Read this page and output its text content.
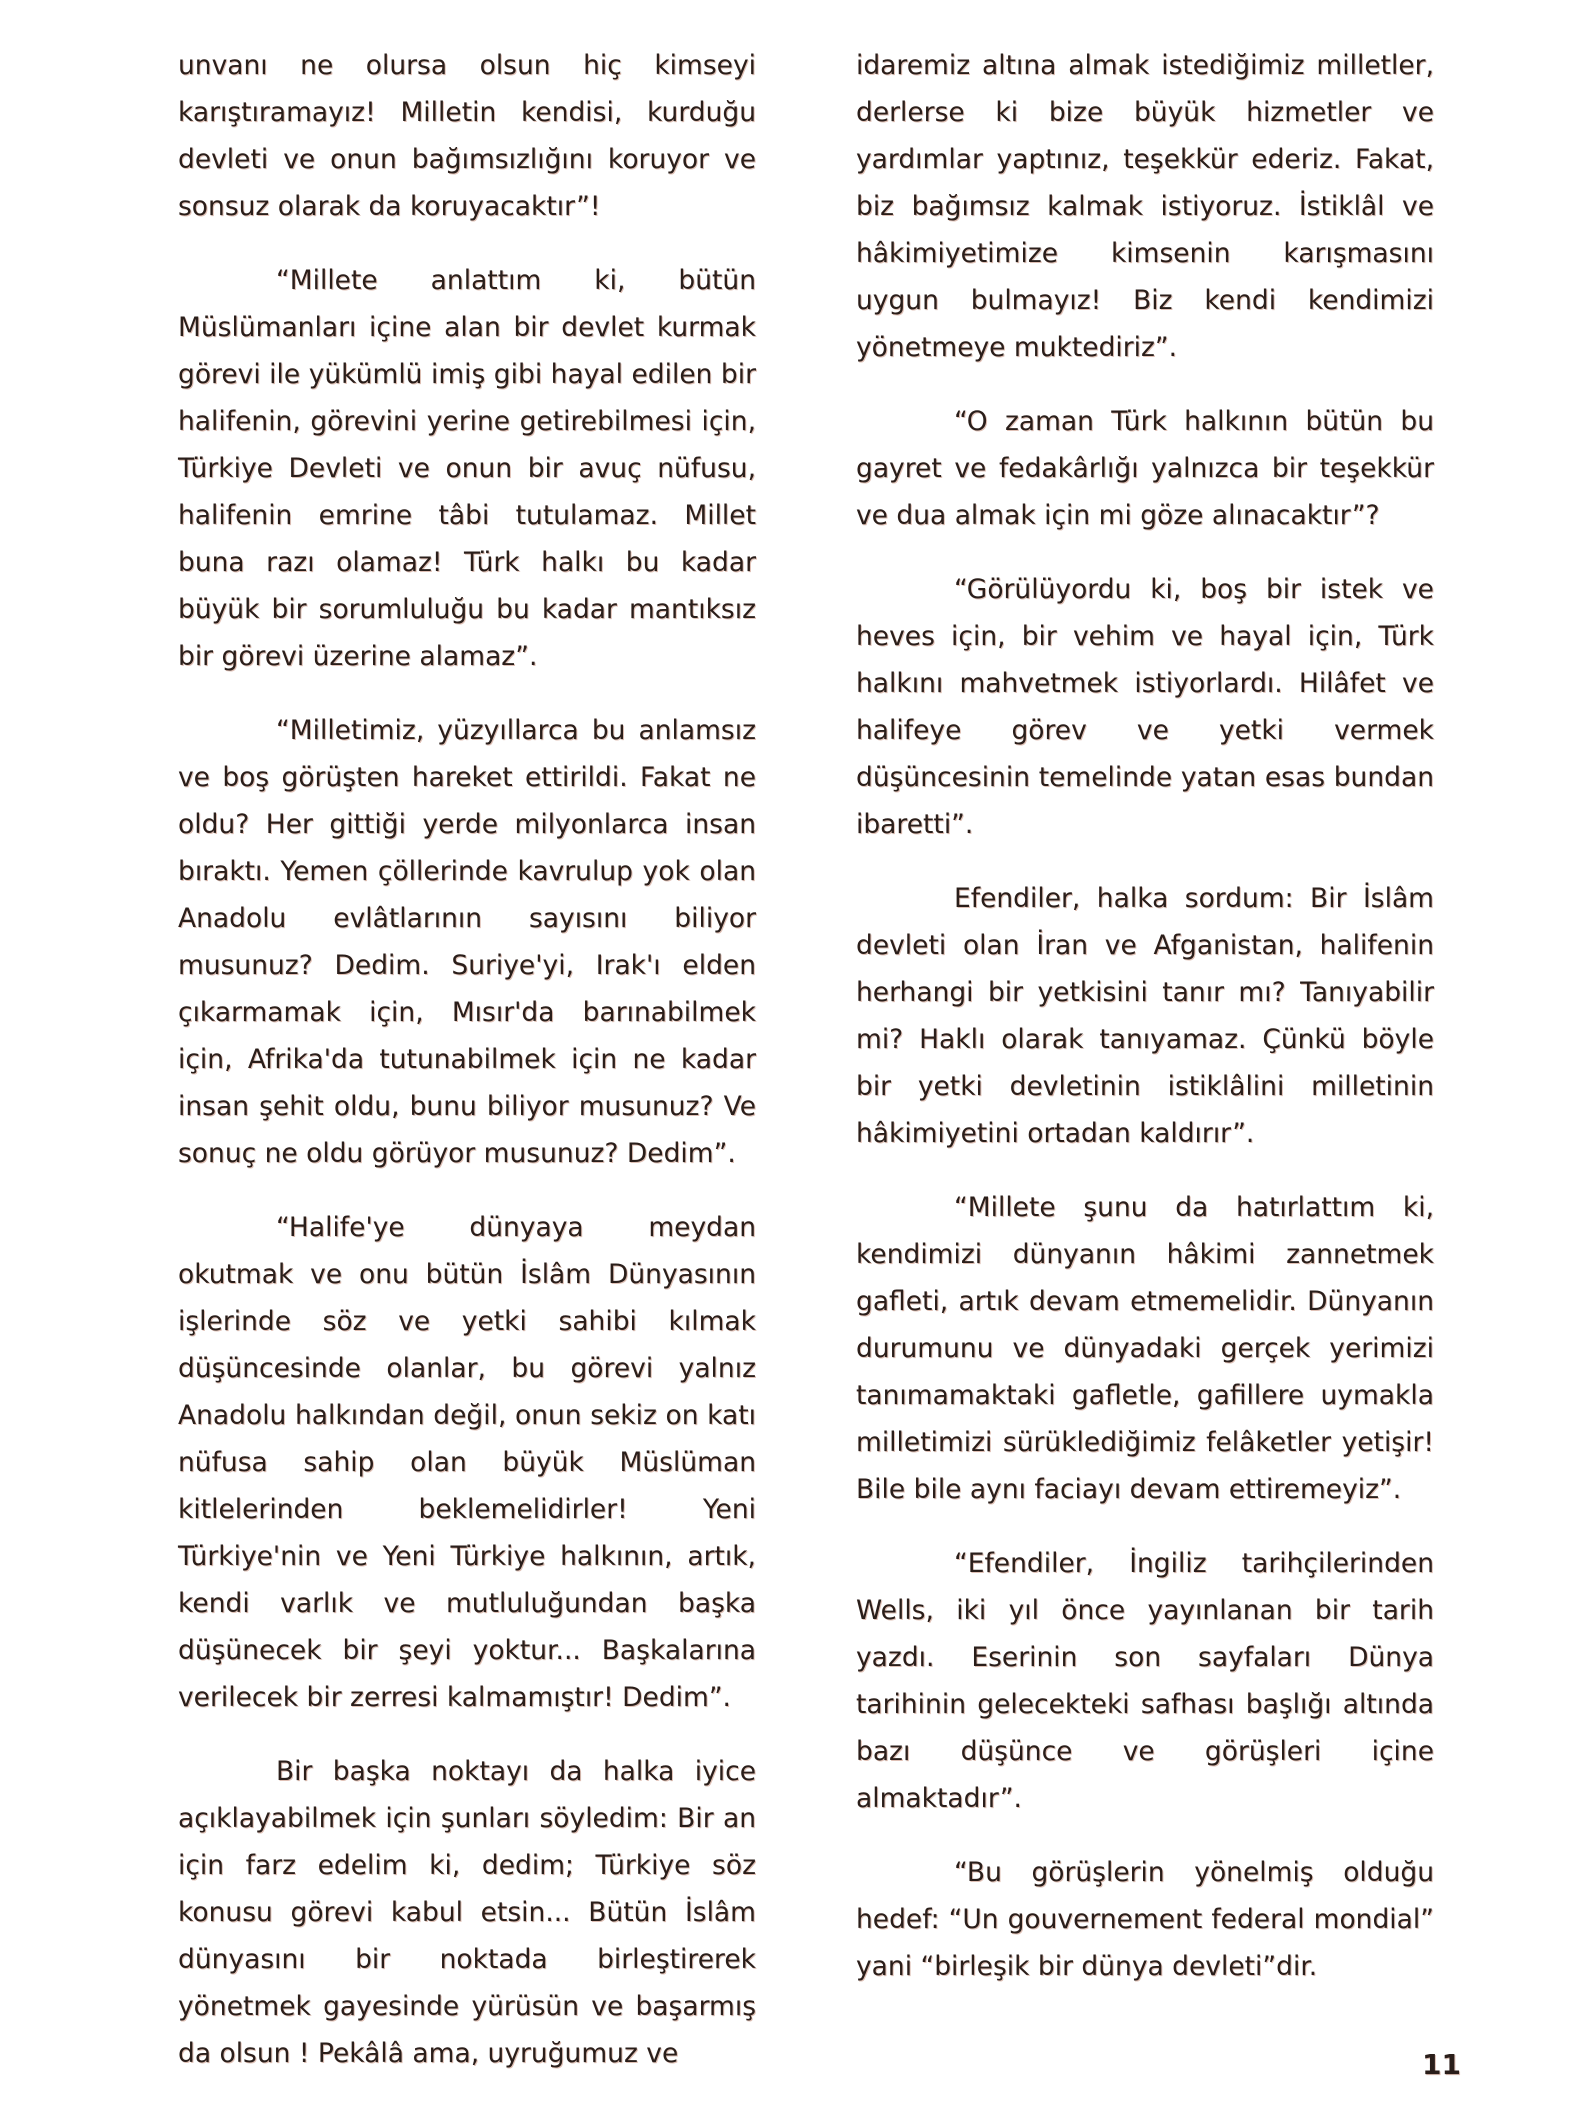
unvanı ne olursa olsun hiç kimseyi karıştıramayız! Milletin kendisi, kurduğu devleti ve onun bağımsızlığını koruyor ve sonsuz olarak da koruyacaktır”!

“Millete anlattım ki, bütün Müslümanları içine alan bir devlet kurmak görevi ile yükümlü imiş gibi hayal edilen bir halifenin, görevini yerine getirebilmesi için, Türkiye Devleti ve onun bir avuç nüfusu, halifenin emrine tâbi tutulamaz. Millet buna razı olamaz! Türk halkı bu kadar büyük bir sorumluluğu bu kadar mantıksız bir görevi üzerine alamaz”.

“Milletimiz, yüzyıllarca bu anlamsız ve boş görüşten hareket ettirildi. Fakat ne oldu? Her gittiği yerde milyonlarca insan bıraktı. Yemen çöllerinde kavrulup yok olan Anadolu evlâtlarının sayısını biliyor musunuz? Dedim. Suriye'yi, Irak'ı elden çıkarmamak için, Mısır'da barınabilmek için, Afrika'da tutunabilmek için ne kadar insan şehit oldu, bunu biliyor musunuz? Ve sonuç ne oldu görüyor musunuz? Dedim”.

“Halife'ye dünyaya meydan okutmak ve onu bütün İslâm Dünyasının işlerinde söz ve yetki sahibi kılmak düşüncesinde olanlar, bu görevi yalnız Anadolu halkından değil, onun sekiz on katı nüfusa sahip olan büyük Müslüman kitlelerinden beklemelidirler! Yeni Türkiye'nin ve Yeni Türkiye halkının, artık, kendi varlık ve mutluluğundan başka düşünecek bir şeyi yoktur... Başkalarına verilecek bir zerresi kalmamıştır! Dedim”.

Bir başka noktayı da halka iyice açıklayabilmek için şunları söyledim: Bir an için farz edelim ki, dedim; Türkiye söz konusu görevi kabul etsin... Bütün İslâm dünyasını bir noktada birleştirerek yönetmek gayesinde yürüsün ve başarmış da olsun ! Pekâlâ ama, uyruğumuz ve

idaremiz altına almak istediğimiz milletler, derlerse ki bize büyük hizmetler ve yardımlar yaptınız, teşekkür ederiz. Fakat, biz bağımsız kalmak istiyoruz. İstiklâl ve hâkimiyetimize kimsenin karışmasını uygun bulmayız! Biz kendi kendimizi yönetmeye muktediriz”.

“O zaman Türk halkının bütün bu gayret ve fedakârlığı yalnızca bir teşekkür ve dua almak için mi göze alınacaktır”?

“Görülüyordu ki, boş bir istek ve heves için, bir vehim ve hayal için, Türk halkını mahvetmek istiyorlardı. Hilâfet ve halifeye görev ve yetki vermek düşüncesinin temelinde yatan esas bundan ibaretti”.

Efendiler, halka sordum: Bir İslâm devleti olan İran ve Afganistan, halifenin herhangi bir yetkisini tanır mı? Tanıyabilir mi? Haklı olarak tanıyamaz. Çünkü böyle bir yetki devletinin istiklâlini milletinin hâkimiyetini ortadan kaldırır”.

“Millete şunu da hatırlattım ki, kendimizi dünyanın hâkimi zannetmek gafleti, artık devam etmemelidir. Dünyanın durumunu ve dünyadaki gerçek yerimizi tanımamaktaki gafletle, gafillere uymakla milletimizi sürüklediğimiz felâketler yetişir! Bile bile aynı faciayı devam ettiremeyiz”.

“Efendiler, İngiliz tarihçilerinden Wells, iki yıl önce yayınlanan bir tarih yazdı. Eserinin son sayfaları Dünya tarihinin gelecekteki safhası başlığı altında bazı düşünce ve görüşleri içine almaktadır”.

“Bu görüşlerin yönelmiş olduğu hedef: “Un gouvernement federal mondial” yani “birleşik bir dünya devleti”dir.

11
